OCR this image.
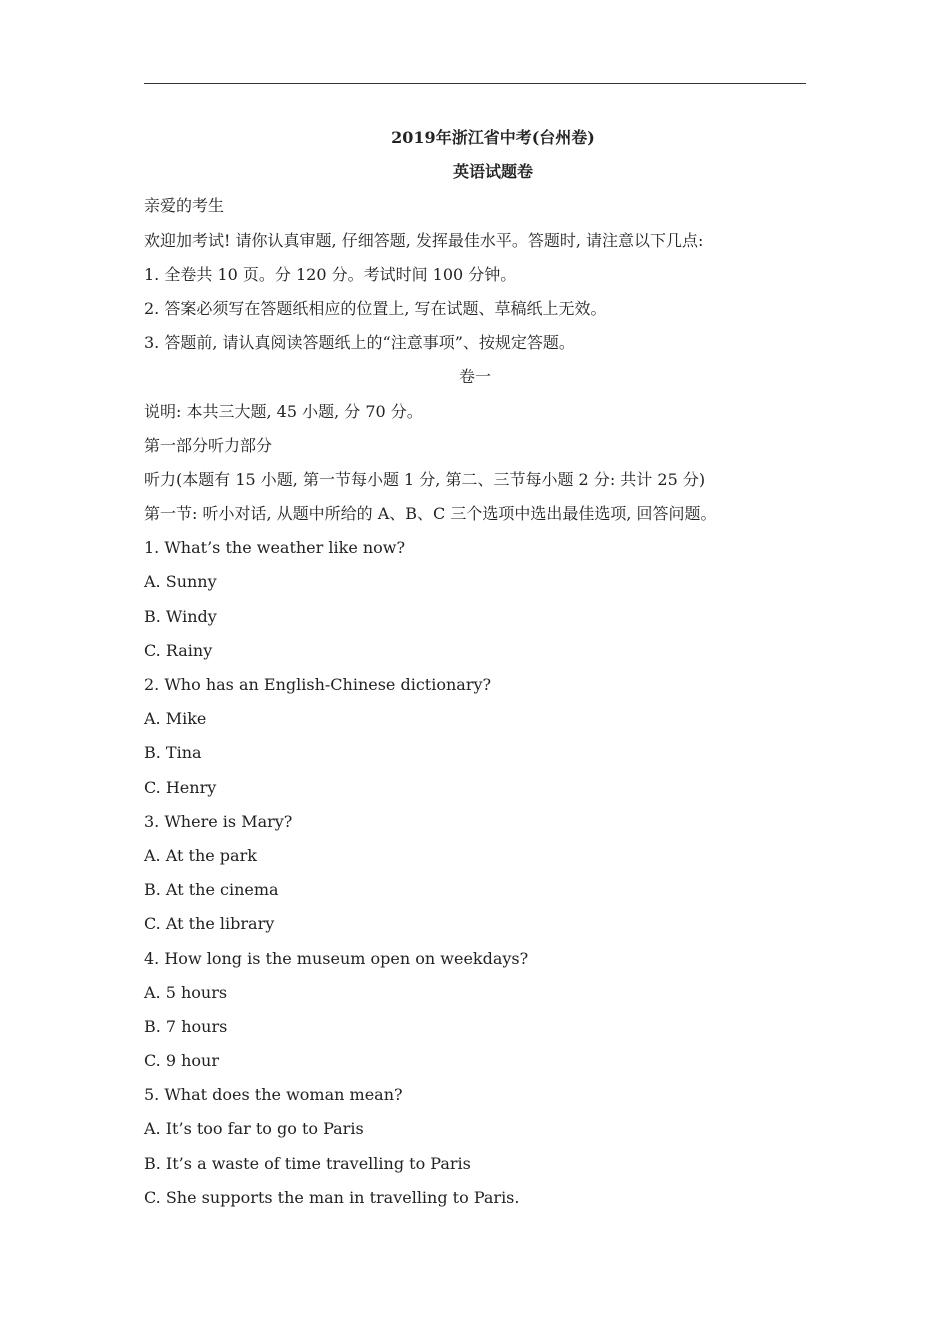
2019年浙江省中考(台州卷)
英语试题卷
亲爱的考生
欢迎加考试! 请你认真审题, 仔细答题, 发挥最佳水平。答题时, 请注意以下几点:
1. 全卷共 10 页。分 120 分。考试时间 100 分钟。
2. 答案必须写在答题纸相应的位置上, 写在试题、草稿纸上无效。
3. 答题前, 请认真阅读答题纸上的“注意事项”、按规定答题。
卷一
说明: 本共三大题, 45 小题, 分 70 分。
第一部分听力部分
听力(本题有 15 小题, 第一节每小题 1 分, 第二、三节每小题 2 分: 共计 25 分)
第一节: 听小对话, 从题中所给的 A、B、C 三个选项中选出最佳选项, 回答问题。
1. What’s the weather like now?
A. Sunny
B. Windy
C. Rainy
2. Who has an English-Chinese dictionary?
A. Mike
B. Tina
C. Henry
3. Where is Mary?
A. At the park
B. At the cinema
C. At the library
4. How long is the museum open on weekdays?
A. 5 hours
B. 7 hours
C. 9 hour
5. What does the woman mean?
A. It’s too far to go to Paris
B. It’s a waste of time travelling to Paris
C. She supports the man in travelling to Paris.
